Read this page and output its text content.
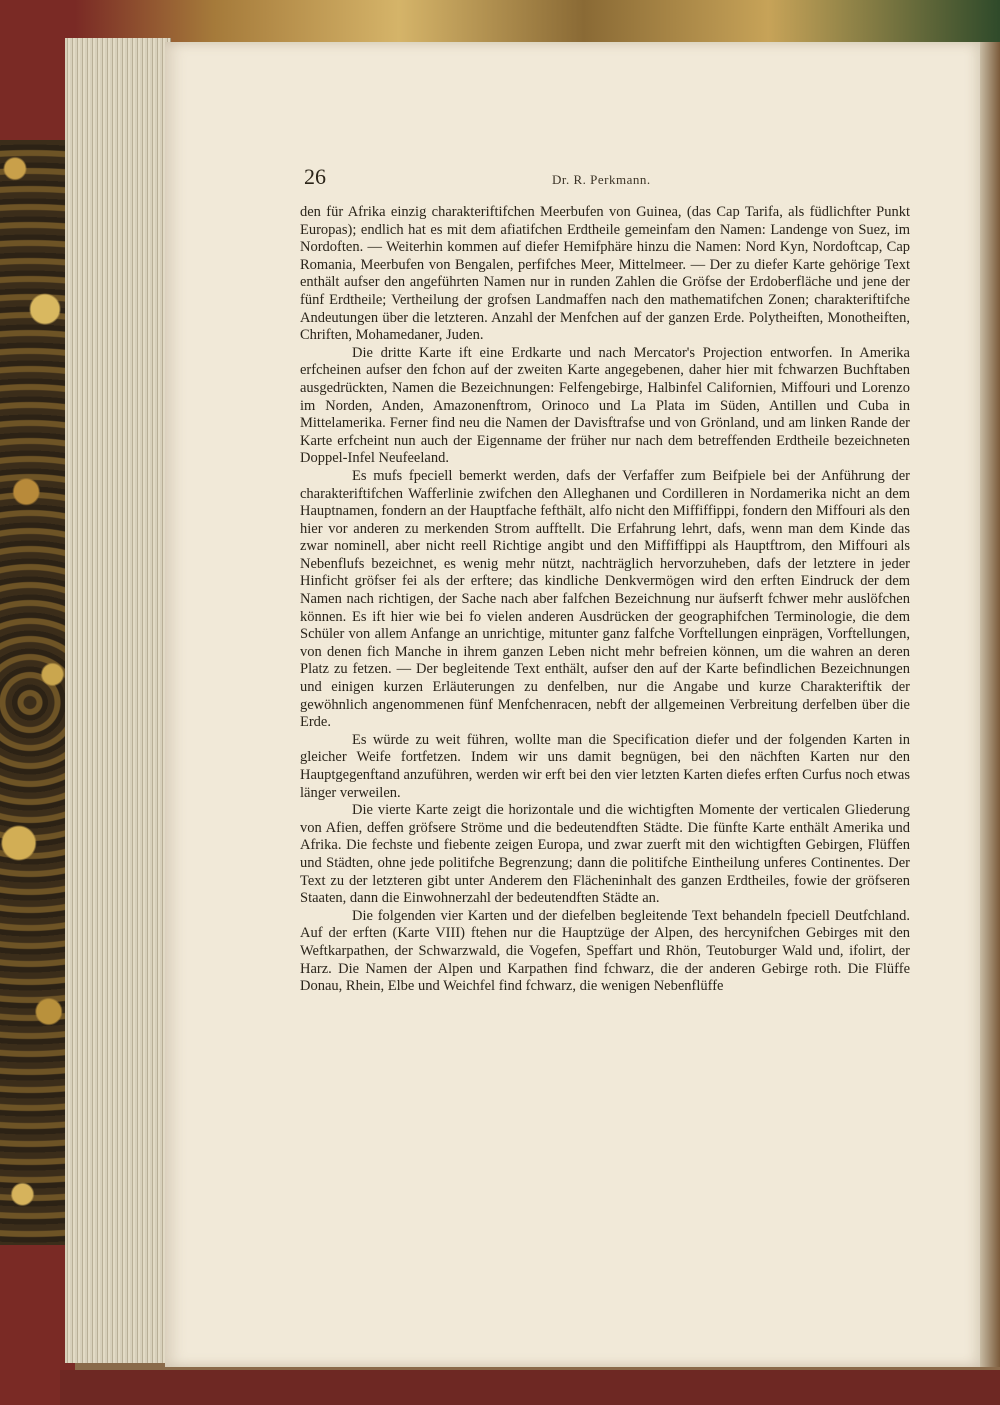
26	Dr. R. Perkmann.

den für Afrika einzig charakteriftifchen Meerbufen von Guinea, (das Cap Tarifa, als füdlichfter Punkt Europas); endlich hat es mit dem afiatifchen Erdtheile gemeinfam den Namen: Landenge von Suez, im Nordoften. — Weiterhin kommen auf diefer Hemifphäre hinzu die Namen: Nord Kyn, Nordoftcap, Cap Romania, Meerbufen von Bengalen, perfifches Meer, Mittelmeer. — Der zu diefer Karte gehörige Text enthält aufser den angeführten Namen nur in runden Zahlen die Gröfse der Erdoberfläche und jene der fünf Erdtheile; Vertheilung der grofsen Landmaffen nach den mathematifchen Zonen; charakteriftifche Andeutungen über die letzteren. Anzahl der Menfchen auf der ganzen Erde. Polytheiften, Monotheiften, Chriften, Mohamedaner, Juden.

Die dritte Karte ift eine Erdkarte und nach Mercator's Projection entworfen. In Amerika erfcheinen aufser den fchon auf der zweiten Karte angegebenen, daher hier mit fchwarzen Buchftaben ausgedrückten, Namen die Bezeichnungen: Felfengebirge, Halbinfel Californien, Miffouri und Lorenzo im Norden, Anden, Amazonenftrom, Orinoco und La Plata im Süden, Antillen und Cuba in Mittelamerika. Ferner find neu die Namen der Davisftrafse und von Grönland, und am linken Rande der Karte erfcheint nun auch der Eigenname der früher nur nach dem betreffenden Erdtheile bezeichneten Doppel-Infel Neufeeland.

Es mufs fpeciell bemerkt werden, dafs der Verfaffer zum Beifpiele bei der Anführung der charakteriftifchen Wafferlinie zwifchen den Alleghanen und Cordilleren in Nordamerika nicht an dem Hauptnamen, fondern an der Hauptfache fefthält, alfo nicht den Miffiffippi, fondern den Miffouri als den hier vor anderen zu merkenden Strom aufftellt. Die Erfahrung lehrt, dafs, wenn man dem Kinde das zwar nominell, aber nicht reell Richtige angibt und den Miffiffippi als Hauptftrom, den Miffouri als Nebenflufs bezeichnet, es wenig mehr nützt, nachträglich hervorzuheben, dafs der letztere in jeder Hinficht gröfser fei als der erftere; das kindliche Denkvermögen wird den erften Eindruck der dem Namen nach richtigen, der Sache nach aber falfchen Bezeichnung nur äufserft fchwer mehr auslöfchen können. Es ift hier wie bei fo vielen anderen Ausdrücken der geographifchen Terminologie, die dem Schüler von allem Anfange an unrichtige, mitunter ganz falfche Vorftellungen einprägen, Vorftellungen, von denen fich Manche in ihrem ganzen Leben nicht mehr befreien können, um die wahren an deren Platz zu fetzen. — Der begleitende Text enthält, aufser den auf der Karte befindlichen Bezeichnungen und einigen kurzen Erläuterungen zu denfelben, nur die Angabe und kurze Charakteriftik der gewöhnlich angenommenen fünf Menfchenracen, nebft der allgemeinen Verbreitung derfelben über die Erde.

Es würde zu weit führen, wollte man die Specification diefer und der folgenden Karten in gleicher Weife fortfetzen. Indem wir uns damit begnügen, bei den nächften Karten nur den Hauptgegenftand anzuführen, werden wir erft bei den vier letzten Karten diefes erften Curfus noch etwas länger verweilen.

Die vierte Karte zeigt die horizontale und die wichtigften Momente der verticalen Gliederung von Afien, deffen gröfsere Ströme und die bedeutendften Städte. Die fünfte Karte enthält Amerika und Afrika. Die fechste und fiebente zeigen Europa, und zwar zuerft mit den wichtigften Gebirgen, Flüffen und Städten, ohne jede politifche Begrenzung; dann die politifche Eintheilung unferes Continentes. Der Text zu der letzteren gibt unter Anderem den Flächeninhalt des ganzen Erdtheiles, fowie der gröfseren Staaten, dann die Einwohnerzahl der bedeutendften Städte an.

Die folgenden vier Karten und der diefelben begleitende Text behandeln fpeciell Deutfchland. Auf der erften (Karte VIII) ftehen nur die Hauptzüge der Alpen, des hercynifchen Gebirges mit den Weftkarpathen, der Schwarzwald, die Vogefen, Speffart und Rhön, Teutoburger Wald und, ifolirt, der Harz. Die Namen der Alpen und Karpathen find fchwarz, die der anderen Gebirge roth. Die Flüffe Donau, Rhein, Elbe und Weichfel find fchwarz, die wenigen Nebenflüffe
